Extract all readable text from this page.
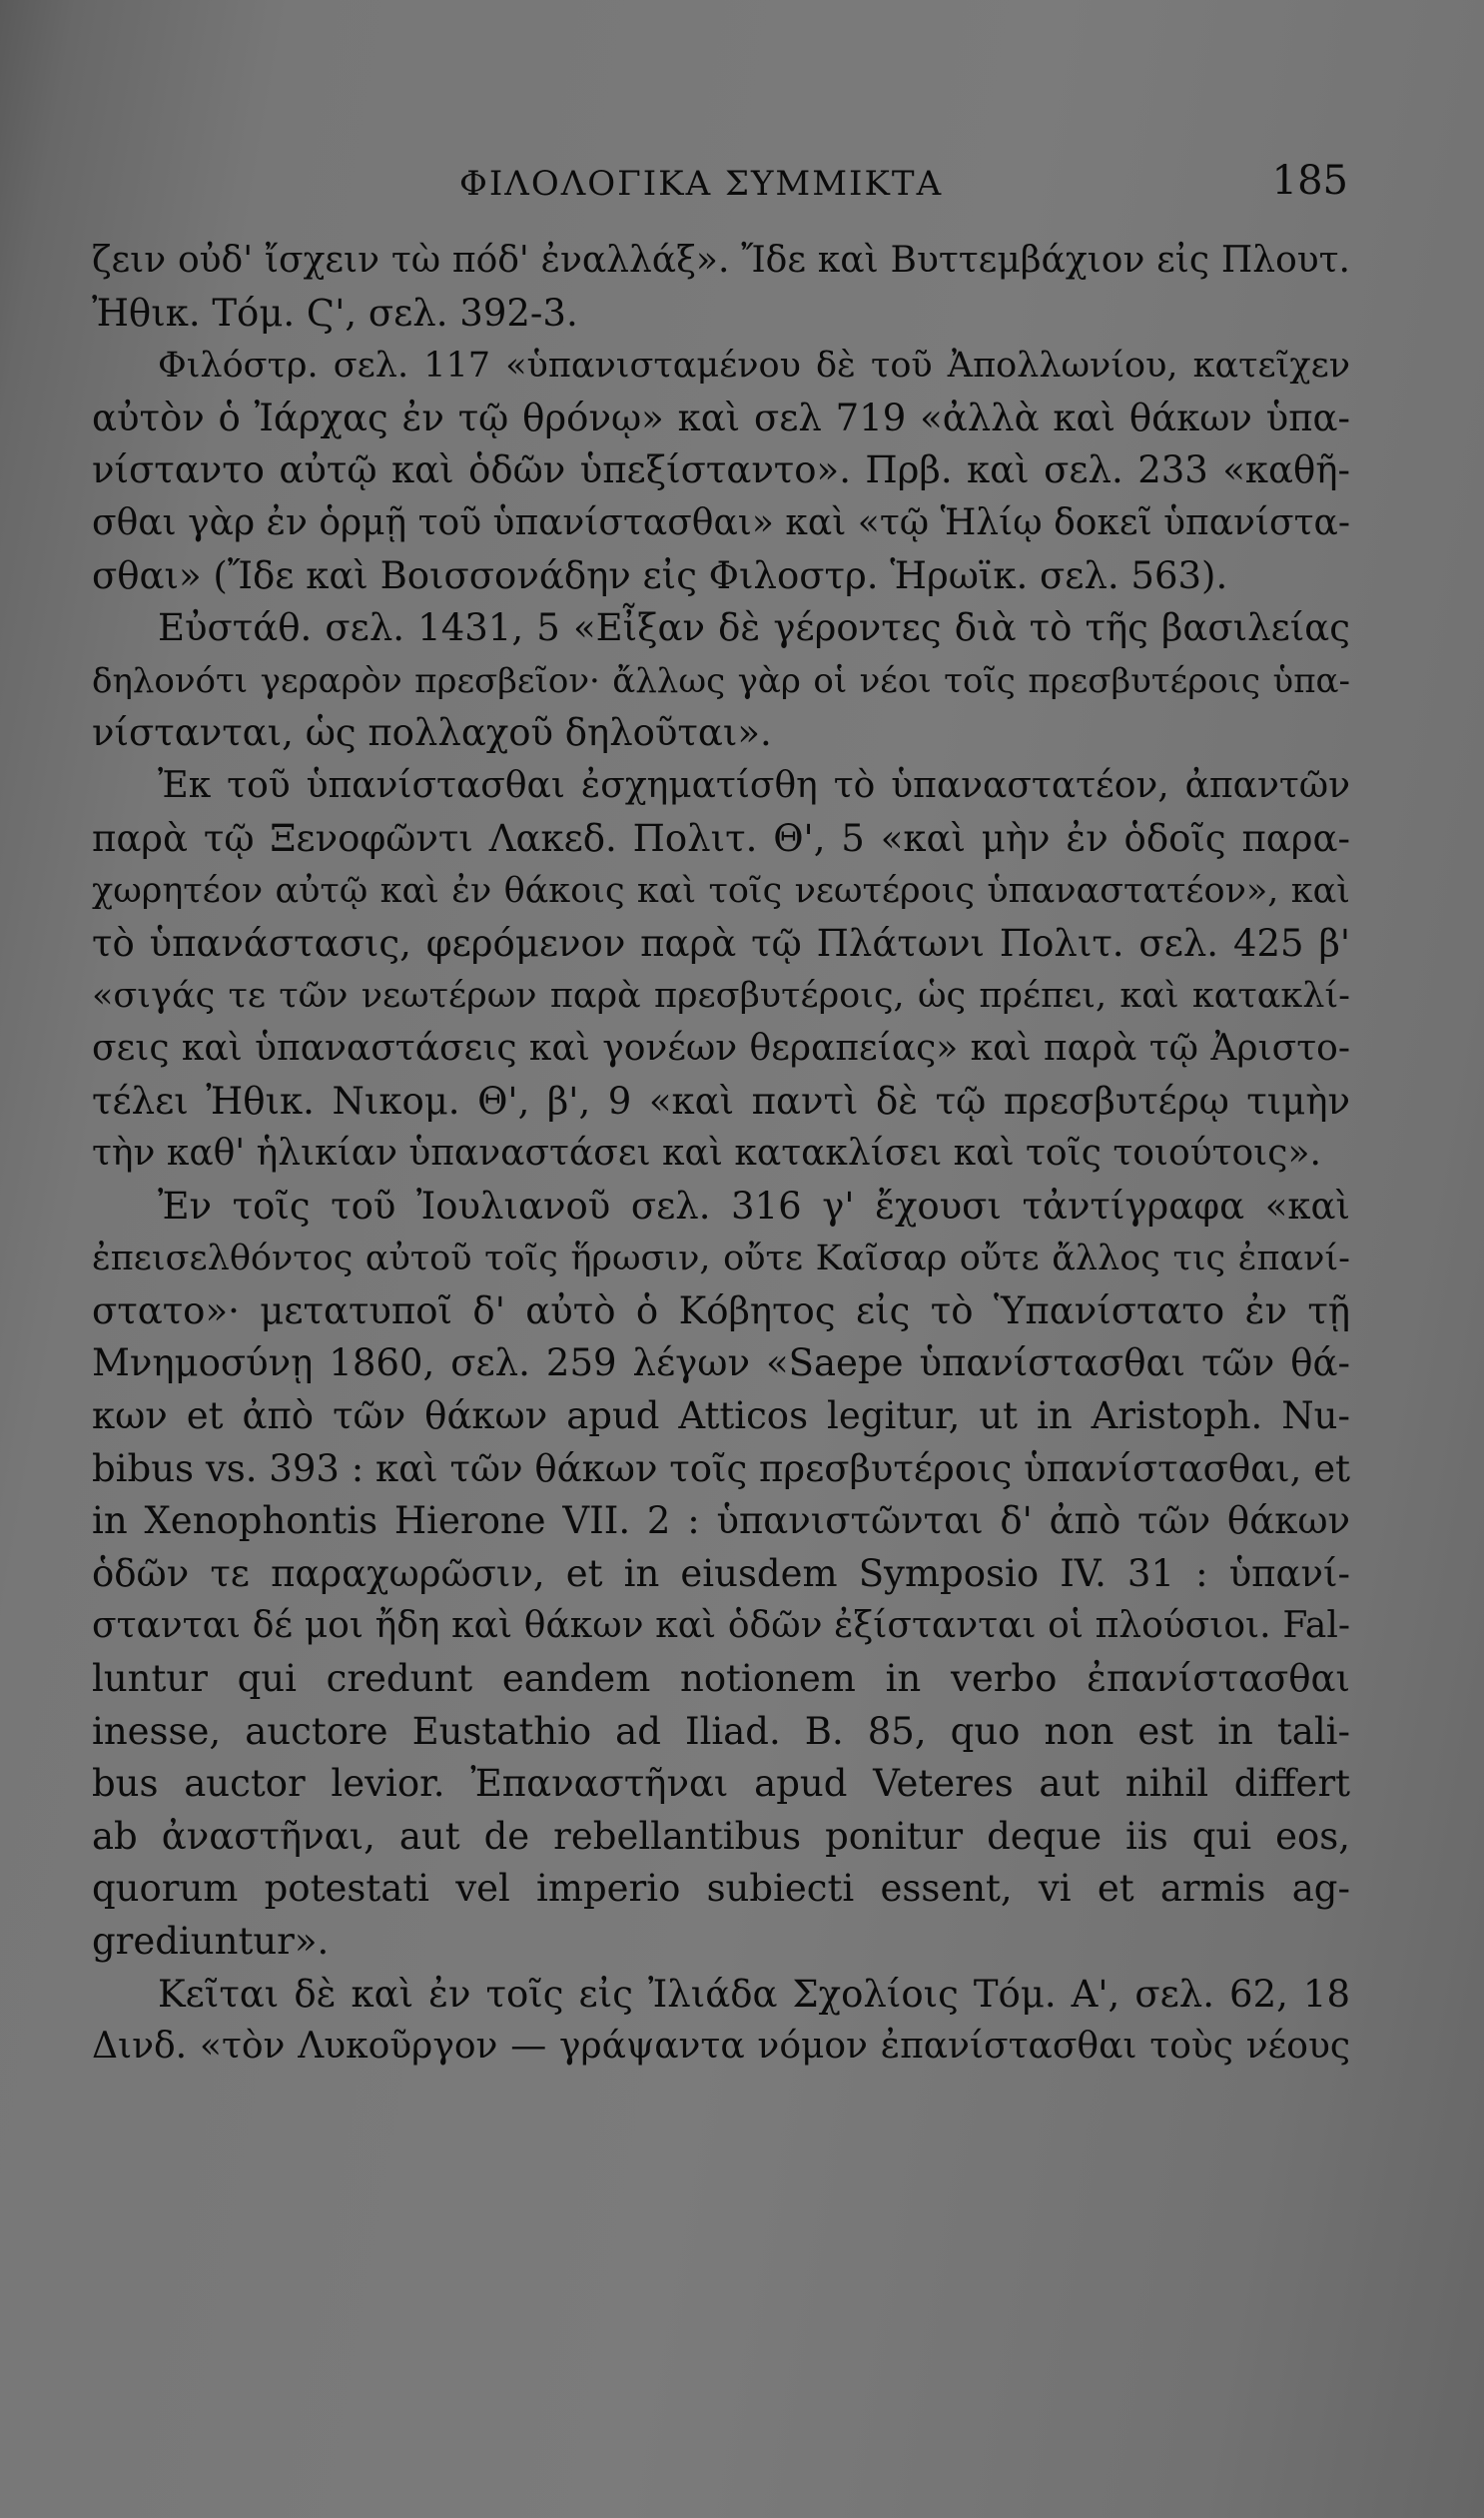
ΦΙΛΟΛΟΓΙΚΑ ΣΥΜΜΙΚΤΑ	185
ζειν οὐδ' ἴσχειν τὼ πόδ' ἐναλλάξ». Ἴδε καὶ Βυττεμβάχιον εἰς Πλουτ.
Ἠθικ. Τόμ. Ϛ', σελ. 392-3.
Φιλόστρ. σελ. 117 «ὑπανισταμένου δὲ τοῦ Ἀπολλωνίου, κατεῖχεν
αὐτὸν ὁ Ἰάρχας ἐν τῷ θρόνῳ» καὶ σελ 719 «ἀλλὰ καὶ θάκων ὑπα-
νίσταντο αὐτῷ καὶ ὁδῶν ὑπεξίσταντο». Πρβ. καὶ σελ. 233 «καθῆ-
σθαι γὰρ ἐν ὁρμῇ τοῦ ὑπανίστασθαι» καὶ «τῷ Ἡλίῳ δοκεῖ ὑπανίστα-
σθαι» (Ἴδε καὶ Βοισσονάδην εἰς Φιλοστρ. Ἡρωϊκ. σελ. 563).
Εὐστάθ. σελ. 1431, 5 «Εἶξαν δὲ γέροντες διὰ τὸ τῆς βασιλείας
δηλονότι γεραρὸν πρεσβεῖον· ἄλλως γὰρ οἱ νέοι τοῖς πρεσβυτέροις ὑπα-
νίστανται, ὡς πολλαχοῦ δηλοῦται».
Ἐκ τοῦ ὑπανίστασθαι ἐσχηματίσθη τὸ ὑπαναστατέον, ἀπαντῶν
παρὰ τῷ Ξενοφῶντι Λακεδ. Πολιτ. Θ', 5 «καὶ μὴν ἐν ὁδοῖς παρα-
χωρητέον αὐτῷ καὶ ἐν θάκοις καὶ τοῖς νεωτέροις ὑπαναστατέον», καὶ
τὸ ὑπανάστασις, φερόμενον παρὰ τῷ Πλάτωνι Πολιτ. σελ. 425 β'
«σιγάς τε τῶν νεωτέρων παρὰ πρεσβυτέροις, ὡς πρέπει, καὶ κατακλί-
σεις καὶ ὑπαναστάσεις καὶ γονέων θεραπείας» καὶ παρὰ τῷ Ἀριστο-
τέλει Ἠθικ. Νικομ. Θ', β', 9 «καὶ παντὶ δὲ τῷ πρεσβυτέρῳ τιμὴν
τὴν καθ' ἡλικίαν ὑπαναστάσει καὶ κατακλίσει καὶ τοῖς τοιούτοις».
Ἐν τοῖς τοῦ Ἰουλιανοῦ σελ. 316 γ' ἔχουσι τἀντίγραφα «καὶ
ἐπεισελθόντος αὐτοῦ τοῖς ἥρωσιν, οὔτε Καῖσαρ οὔτε ἄλλος τις ἐπανί-
στατο»· μετατυποῖ δ' αὐτὸ ὁ Κόβητος εἰς τὸ Ὑπανίστατο ἐν τῇ
Μνημοσύνῃ 1860, σελ. 259 λέγων «Saepe ὑπανίστασθαι τῶν θά-
κων et ἀπὸ τῶν θάκων apud Atticos legitur, ut in Aristoph. Nu-
bibus vs. 393 : καὶ τῶν θάκων τοῖς πρεσβυτέροις ὑπανίστασθαι, et
in Xenophontis Hierone VII. 2 : ὑπανιστῶνται δ' ἀπὸ τῶν θάκων
ὁδῶν τε παραχωρῶσιν, et in eiusdem Symposio IV. 31 : ὑπανί-
στανται δέ μοι ἤδη καὶ θάκων καὶ ὁδῶν ἐξίστανται οἱ πλούσιοι. Fal-
luntur qui credunt eandem notionem in verbo ἐπανίστασθαι
inesse, auctore Eustathio ad Iliad. B. 85, quo non est in tali-
bus auctor levior. Ἐπαναστῆναι apud Veteres aut nihil differt
ab ἀναστῆναι, aut de rebellantibus ponitur deque iis qui eos,
quorum potestati vel imperio subiecti essent, vi et armis ag-
grediuntur».
Κεῖται δὲ καὶ ἐν τοῖς εἰς Ἰλιάδα Σχολίοις Τόμ. Α', σελ. 62, 18
Δινδ. «τὸν Λυκοῦργον — γράψαντα νόμον ἐπανίστασθαι τοὺς νέους
